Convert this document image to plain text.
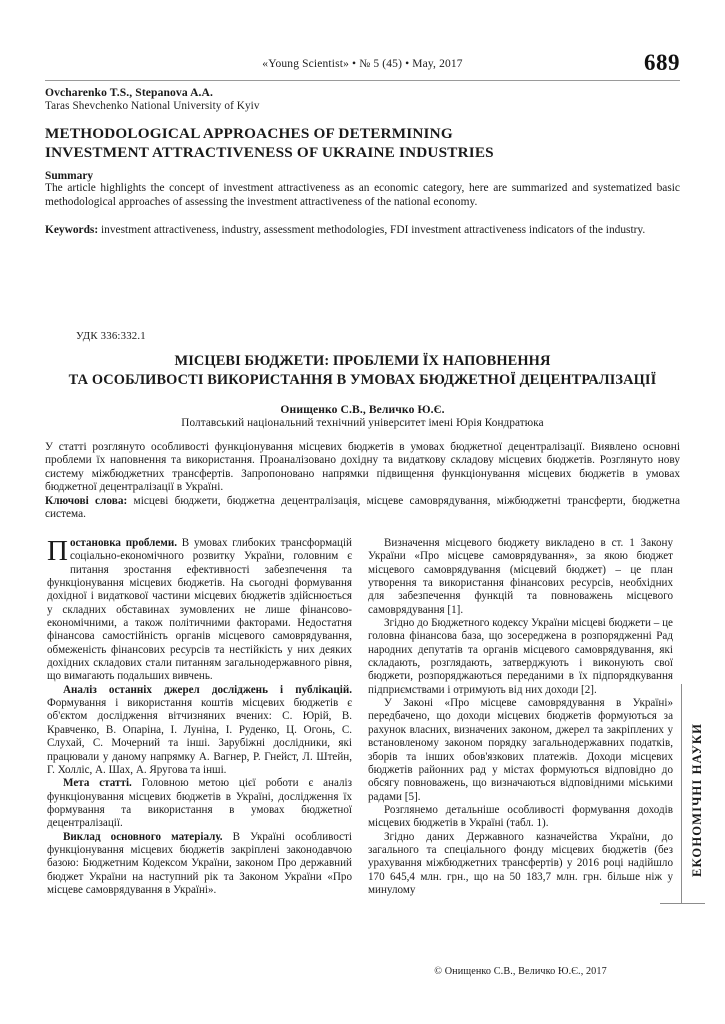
«Young Scientist» • № 5 (45) • May, 2017	689
Ovcharenko T.S., Stepanova A.A.
Taras Shevchenko National University of Kyiv
METHODOLOGICAL APPROACHES OF DETERMINING
INVESTMENT ATTRACTIVENESS OF UKRAINE INDUSTRIES
Summary
The article highlights the concept of investment attractiveness as an economic category, here are summarized and systematized basic methodological approaches of assessing the investment attractiveness of the national economy.
Keywords: investment attractiveness, industry, assessment methodologies, FDI investment attractiveness indicators of the industry.
УДК 336:332.1
МІСЦЕВІ БЮДЖЕТИ: ПРОБЛЕМИ ЇХ НАПОВНЕННЯ
ТА ОСОБЛИВОСТІ ВИКОРИСТАННЯ В УМОВАХ БЮДЖЕТНОЇ ДЕЦЕНТРАЛІЗАЦІЇ
Онищенко С.В., Величко Ю.Є.
Полтавський національний технічний університет імені Юрія Кондратюка
У статті розглянуто особливості функціонування місцевих бюджетів в умовах бюджетної децентралізації. Виявлено основні проблеми їх наповнення та використання. Проаналізовано дохідну та видаткову складову місцевих бюджетів. Розглянуто нову систему міжбюджетних трансфертів. Запропоновано напрямки підвищення функціонування місцевих бюджетів в умовах бюджетної децентралізації в Україні.
Ключові слова: місцеві бюджети, бюджетна децентралізація, місцеве самоврядування, міжбюджетні трансферти, бюджетна система.

Постановка проблеми. В умовах глибоких трансформацій соціально-економічного розвитку України, головним є питання зростання ефективності забезпечення та функціонування місцевих бюджетів. На сьогодні формування дохідної і видаткової частини місцевих бюджетів здійснюється у складних обставинах зумовлених не лише фінансово-економічними, а також політичними факторами. Недостатня фінансова самостійність органів місцевого самоврядування, обмеженість фінансових ресурсів та нестійкість у них деяких дохідних складових стали питанням загальнодержавного рівня, що вимагають подальших вивчень.

Аналіз останніх джерел досліджень і публікацій. Формування і використання коштів місцевих бюджетів є об'єктом дослідження вітчизняних вчених: С. Юрій, В. Кравченко, В. Опаріна, І. Луніна, І. Руденко, Ц. Огонь, С. Слухай, С. Мочерний та інші. Зарубіжні дослідники, які працювали у даному напрямку А. Вагнер, Р. Гнейст, Л. Штейн, Г. Холліс, А. Шах, А. Яругова та інші.

Мета статті. Головною метою цієї роботи є аналіз функціонування місцевих бюджетів в Україні, дослідження їх формування та використання в умовах бюджетної децентралізації.

Виклад основного матеріалу. В Україні особливості функціонування місцевих бюджетів закріплені законодавчою базою: Бюджетним Кодексом України, законом Про державний бюджет України на наступний рік та Законом України «Про місцеве самоврядування в Україні».

Визначення місцевого бюджету викладено в ст. 1 Закону України «Про місцеве самоврядування», за якою бюджет місцевого самоврядування (місцевий бюджет) – це план утворення та використання фінансових ресурсів, необхідних для забезпечення функцій та повноважень місцевого самоврядування [1].

Згідно до Бюджетного кодексу України місцеві бюджети – це головна фінансова база, що зосереджена в розпорядженні Рад народних депутатів та органів місцевого самоврядування, які складають, розглядають, затверджують і виконують свої бюджети, розпоряджаються переданими в їх підпорядкування підприємствами і отримують від них доходи [2].

У Законі «Про місцеве самоврядування в Україні» передбачено, що доходи місцевих бюджетів формуються за рахунок власних, визначених законом, джерел та закріплених у встановленому законом порядку загальнодержавних податків, зборів та інших обов'язкових платежів. Доходи місцевих бюджетів районних рад у містах формуються відповідно до обсягу повноважень, що визначаються відповідними міськими радами [5].

Розглянемо детальніше особливості формування доходів місцевих бюджетів в Україні (табл. 1).

Згідно даних Державного казначейства України, до загального та спеціального фонду місцевих бюджетів (без урахування міжбюджетних трансфертів) у 2016 році надійшло 170 645,4 млн. грн., що на 50 183,7 млн. грн. більше ніж у минулому

© Онищенко С.В., Величко Ю.Є., 2017
ЕКОНОМІЧНІ НАУКИ
